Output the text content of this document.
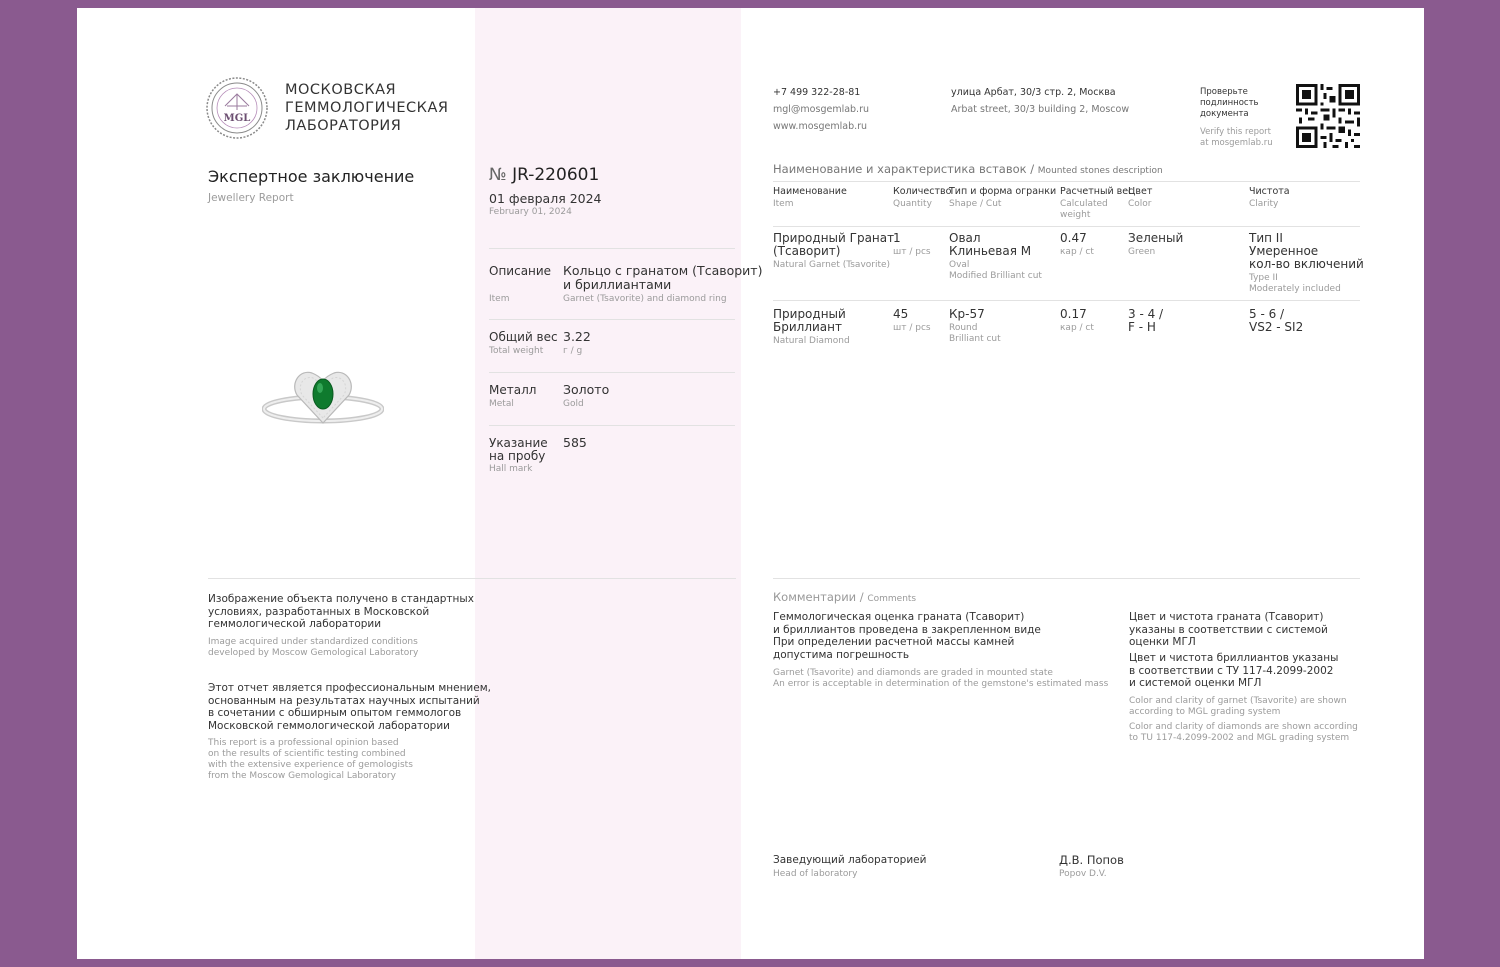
MGL
МОСКОВСКАЯ
ГЕММОЛОГИЧЕСКАЯ
ЛАБОРАТОРИЯ
Экспертное заключение
Jewellery Report
№ JR-220601
01 февраля 2024
February 01, 2024
Описание
Item
Кольцо с гранатом (Тсаворит)
и бриллиантами
Garnet (Tsavorite) and diamond ring
Общий вес
Total weight
3.22
г / g
Металл
Metal
Золото
Gold
Указание
на пробу
Hall mark
585
+7 499 322-28-81
mgl@mosgemlab.ru
www.mosgemlab.ru
улица Арбат, 30/3 стр. 2, Москва
Arbat street, 30/3 building 2, Moscow
Проверьте
подлинность
документа
Verify this report
at mosgemlab.ru
Наименование и характеристика вставок / Mounted stones description
Наименование
Item
Количество
Quantity
Тип и форма огранки
Shape / Cut
Расчетный вес
Calculated
weight
Цвет
Color
Чистота
Clarity
Природный Гранат
(Тсаворит)
Natural Garnet (Tsavorite)
1
шт / pcs
Овал
Клиньевая М
Oval
Modified Brilliant cut
0.47
кар / ct
Зеленый
Green
Тип II
Умеренное
кол-во включений
Type II
Moderately included
Природный
Бриллиант
Natural Diamond
45
шт / pcs
Кр-57
Round
Brilliant cut
0.17
кар / ct
3 - 4 /
F - H
5 - 6 /
VS2 - SI2
Изображение объекта получено в стандартных
условиях, разработанных в Московской
геммологической лаборатории
Image acquired under standardized conditions
developed by Moscow Gemological Laboratory
Этот отчет является профессиональным мнением,
основанным на результатах научных испытаний
в сочетании с обширным опытом геммологов
Московской геммологической лаборатории
This report is a professional opinion based
on the results of scientific testing combined
with the extensive experience of gemologists
from the Moscow Gemological Laboratory
Комментарии / Comments
Геммологическая оценка граната (Тсаворит)
и бриллиантов проведена в закрепленном виде
При определении расчетной массы камней
допустима погрешность
Garnet (Tsavorite) and diamonds are graded in mounted state
An error is acceptable in determination of the gemstone's estimated mass
Цвет и чистота граната (Тсаворит)
указаны в соответствии с системой
оценки МГЛ
Цвет и чистота бриллиантов указаны
в соответствии с ТУ 117-4.2099-2002
и системой оценки МГЛ
Color and clarity of garnet (Tsavorite) are shown
according to MGL grading system
Color and clarity of diamonds are shown according
to TU 117-4.2099-2002 and MGL grading system
Заведующий лабораторией
Head of laboratory
Д.В. Попов
Popov D.V.
